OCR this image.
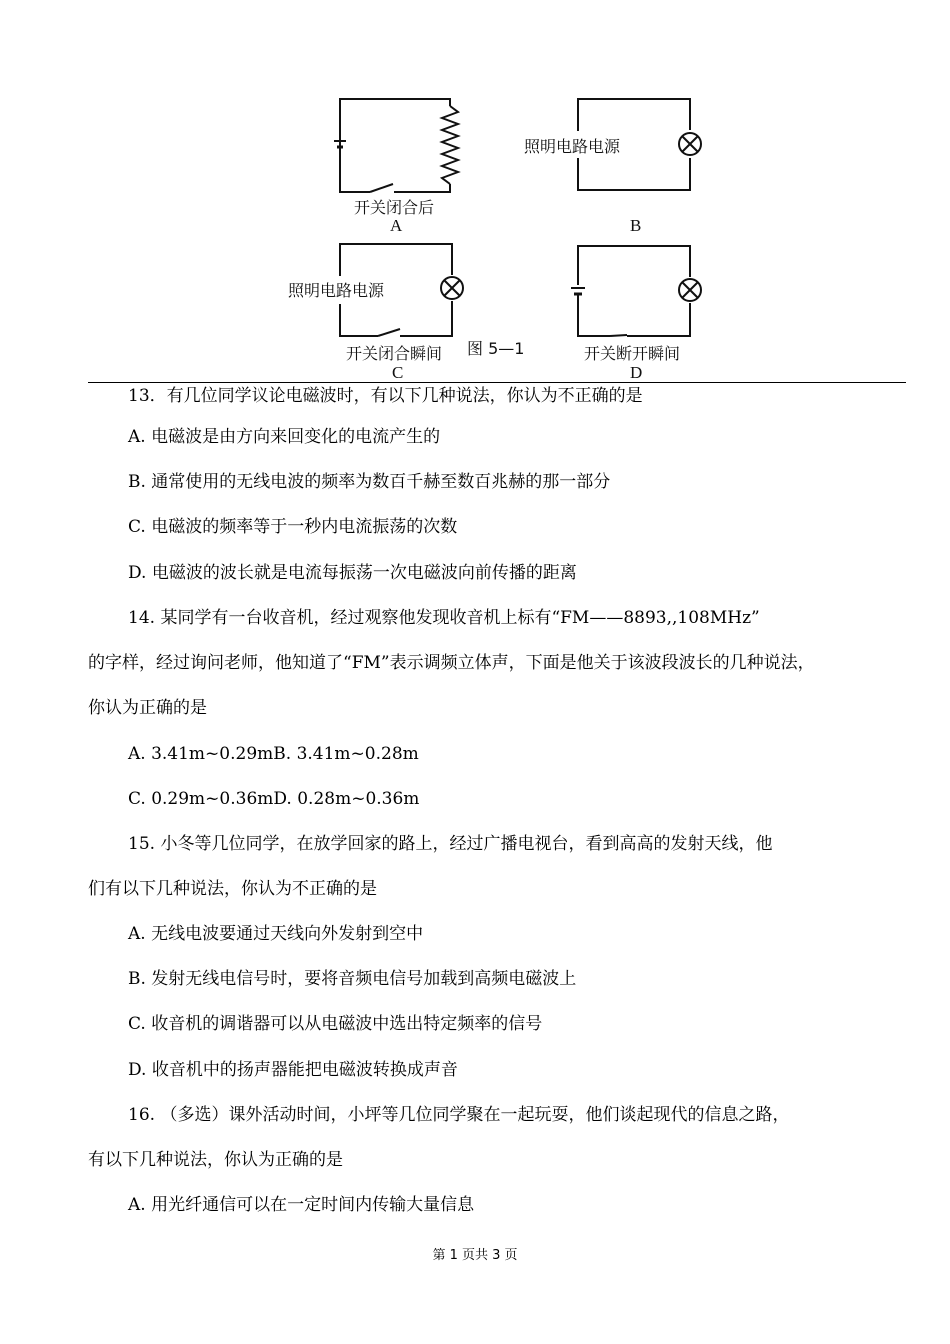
开关闭合后
A
照明电路电源
B
照明电路电源
开关闭合瞬间
C
图 5—1	开关断开瞬间
D
13．有几位同学议论电磁波时，有以下几种说法，你认为不正确的是
A. 电磁波是由方向来回变化的电流产生的
B. 通常使用的无线电波的频率为数百千赫至数百兆赫的那一部分
C. 电磁波的频率等于一秒内电流振荡的次数
D. 电磁波的波长就是电流每振荡一次电磁波向前传播的距离
14. 某同学有一台收音机，经过观察他发现收音机上标有“FM——8893,,108MHz”
的字样，经过询问老师，他知道了“FM”表示调频立体声，下面是他关于该波段波长的几种说法，
你认为正确的是
A. 3.41m~0.29mB. 3.41m~0.28m
C. 0.29m~0.36mD. 0.28m~0.36m
15. 小冬等几位同学，在放学回家的路上，经过广播电视台，看到高高的发射天线，他
们有以下几种说法，你认为不正确的是
A. 无线电波要通过天线向外发射到空中
B. 发射无线电信号时，要将音频电信号加载到高频电磁波上
C. 收音机的调谐器可以从电磁波中选出特定频率的信号
D. 收音机中的扬声器能把电磁波转换成声音
16. （多选）课外活动时间，小坪等几位同学聚在一起玩耍，他们谈起现代的信息之路，
有以下几种说法，你认为正确的是
A. 用光纤通信可以在一定时间内传输大量信息
第 1 页共 3 页
